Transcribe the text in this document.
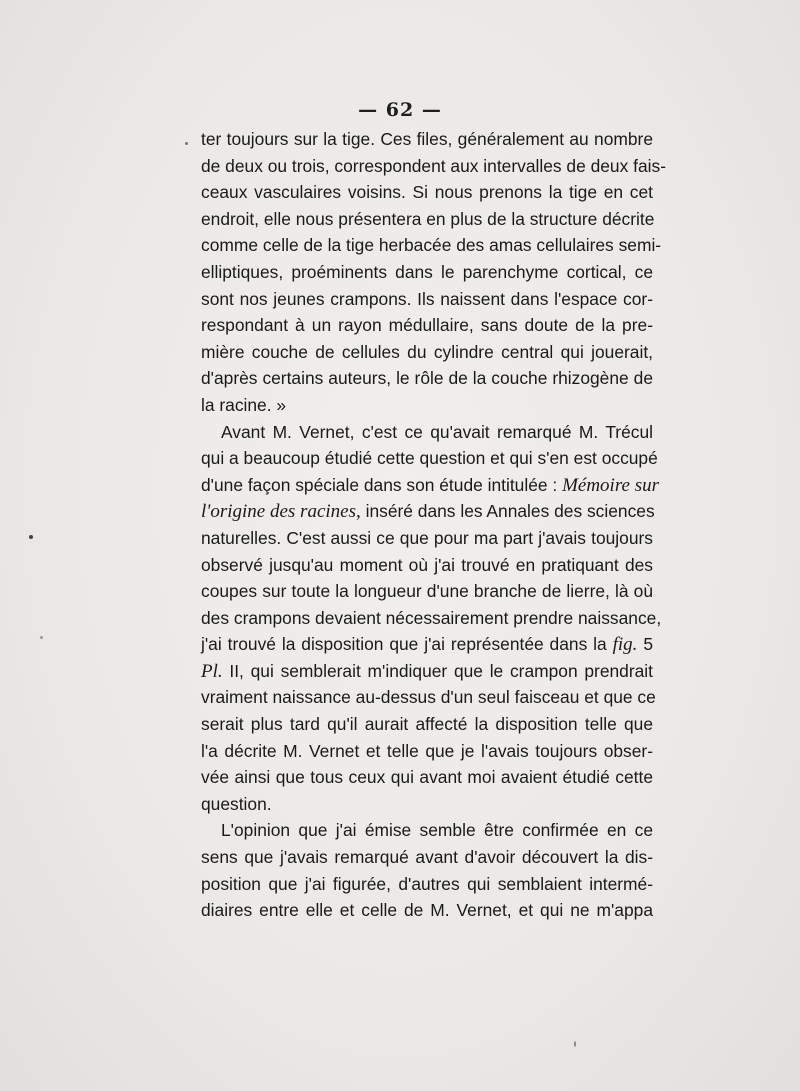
— 62 —
ter toujours sur la tige. Ces files, généralement au nombre
de deux ou trois, correspondent aux intervalles de deux fais-
ceaux vasculaires voisins. Si nous prenons la tige en cet
endroit, elle nous présentera en plus de la structure décrite
comme celle de la tige herbacée des amas cellulaires semi-
elliptiques, proéminents dans le parenchyme cortical, ce
sont nos jeunes crampons. Ils naissent dans l'espace cor-
respondant à un rayon médullaire, sans doute de la pre-
mière couche de cellules du cylindre central qui jouerait,
d'après certains auteurs, le rôle de la couche rhizogène de
la racine. »
Avant M. Vernet, c'est ce qu'avait remarqué M. Trécul
qui a beaucoup étudié cette question et qui s'en est occupé
d'une façon spéciale dans son étude intitulée : Mémoire sur
l'origine des racines, inséré dans les Annales des sciences
naturelles. C'est aussi ce que pour ma part j'avais toujours
observé jusqu'au moment où j'ai trouvé en pratiquant des
coupes sur toute la longueur d'une branche de lierre, là où
des crampons devaient nécessairement prendre naissance,
j'ai trouvé la disposition que j'ai représentée dans la fig. 5
Pl. II, qui semblerait m'indiquer que le crampon prendrait
vraiment naissance au-dessus d'un seul faisceau et que ce
serait plus tard qu'il aurait affecté la disposition telle que
l'a décrite M. Vernet et telle que je l'avais toujours obser-
vée ainsi que tous ceux qui avant moi avaient étudié cette
question.
L'opinion que j'ai émise semble être confirmée en ce
sens que j'avais remarqué avant d'avoir découvert la dis-
position que j'ai figurée, d'autres qui semblaient intermé-
diaires entre elle et celle de M. Vernet, et qui ne m'appa
